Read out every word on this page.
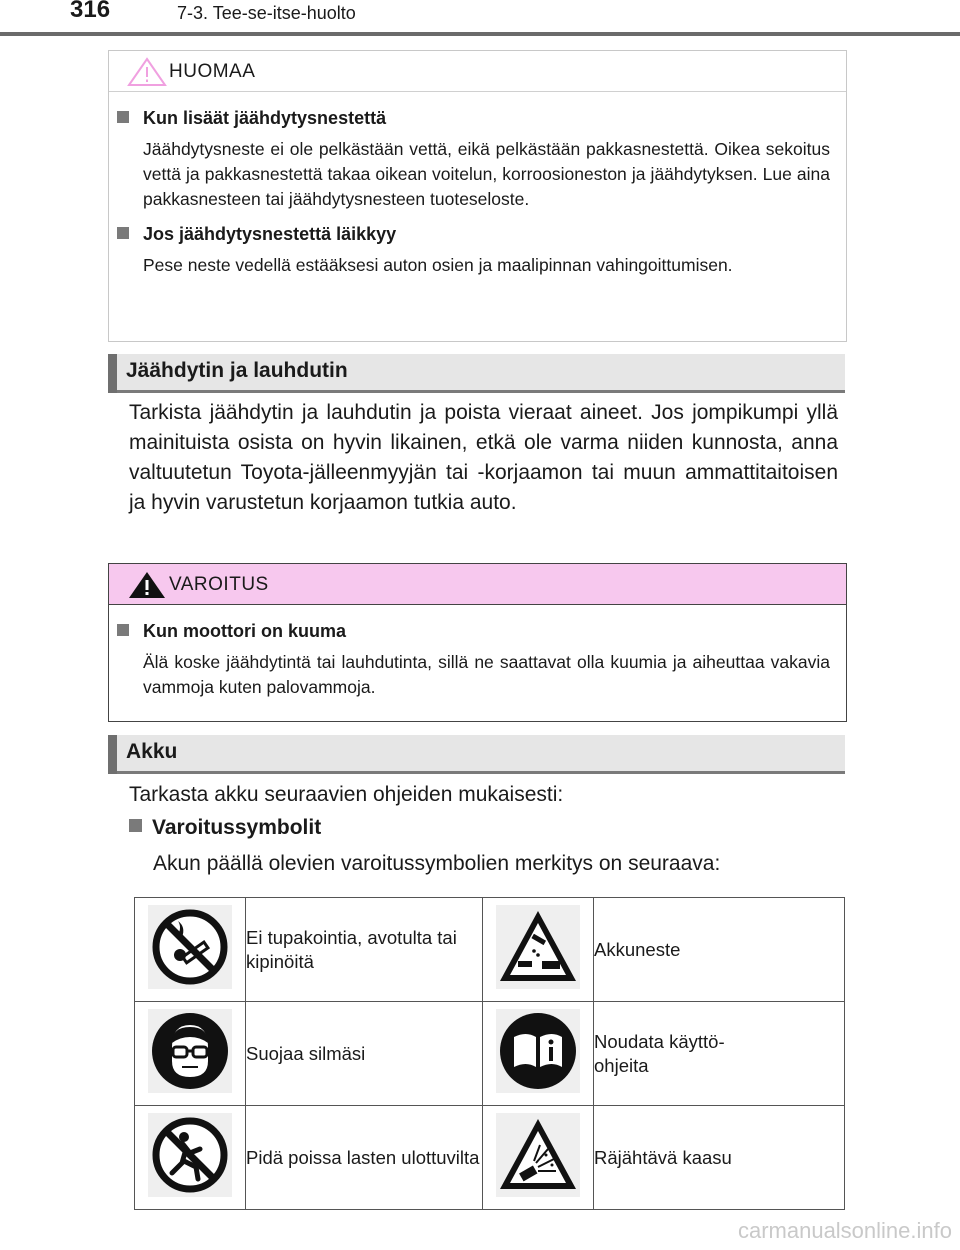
316	7-3. Tee-se-itse-huolto
HUOMAA
Kun lisäät jäähdytysnestettä
Jäähdytysneste ei ole pelkästään vettä, eikä pelkästään pakkasnestettä. Oikea sekoitus vettä ja pakkasnestettä takaa oikean voitelun, korroosioneston ja jäähdytyksen. Lue aina pakkasnesteen tai jäähdytysnesteen tuoteseloste.
Jos jäähdytysnestettä läikkyy
Pese neste vedellä estääksesi auton osien ja maalipinnan vahingoittumisen.
Jäähdytin ja lauhdutin
Tarkista jäähdytin ja lauhdutin ja poista vieraat aineet. Jos jompikumpi yllä mainituista osista on hyvin likainen, etkä ole varma niiden kunnosta, anna valtuutetun Toyota-jälleenmyyjän tai -korjaamon tai muun ammattitaitoisen ja hyvin varustetun korjaamon tutkia auto.
VAROITUS
Kun moottori on kuuma
Älä koske jäähdytintä tai lauhdutinta, sillä ne saattavat olla kuumia ja aiheuttaa vakavia vammoja kuten palovammoja.
Akku
Tarkasta akku seuraavien ohjeiden mukaisesti:
Varoitussymbolit
Akun päällä olevien varoitussymbolien merkitys on seuraava:
	Ei tupakointia, avotulta tai kipinöitä		Akkuneste

	Suojaa silmäsi		Noudata käyttö-
ohjeita

	Pidä poissa lasten ulottuvilta		Räjähtävä kaasu
carmanualsonline.info
